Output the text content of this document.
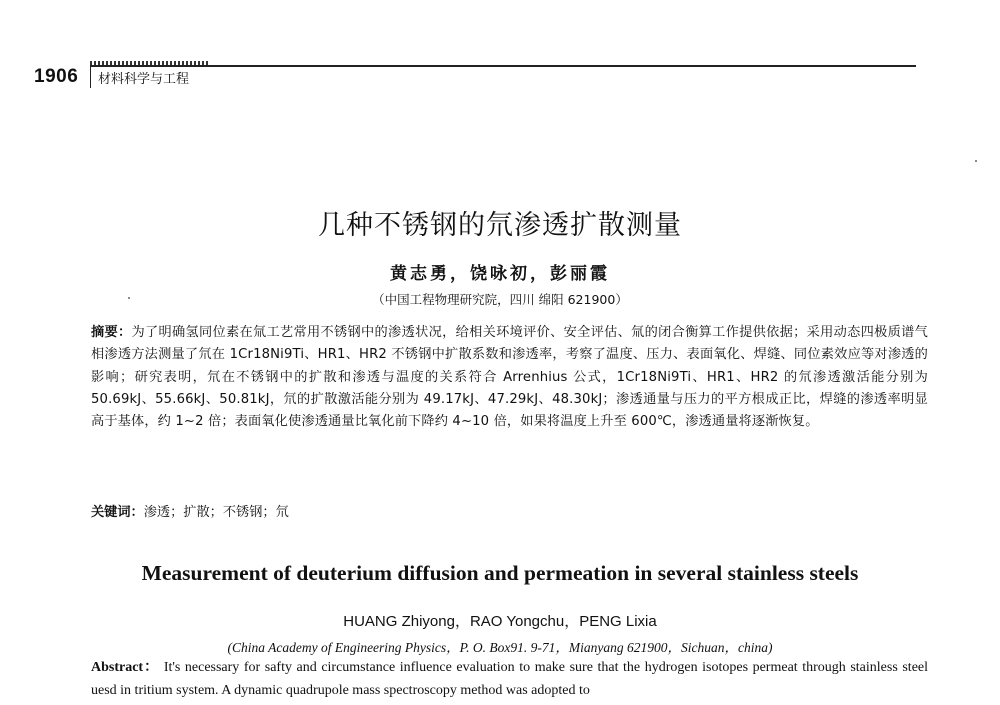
1906 材料科学与工程
几种不锈钢的氘渗透扩散测量
黄志勇，饶咏初，彭丽霞
（中国工程物理研究院，四川 绵阳 621900）
摘要：为了明确氢同位素在氚工艺常用不锈钢中的渗透状况，给相关环境评价、安全评估、氚的闭合衡算工作提供依据；采用动态四极质谱气相渗透方法测量了氘在 1Cr18Ni9Ti、HR1、HR2 不锈钢中扩散系数和渗透率，考察了温度、压力、表面氧化、焊缝、同位素效应等对渗透的影响；研究表明，氘在不锈钢中的扩散和渗透与温度的关系符合 Arrenhius 公式，1Cr18Ni9Ti、HR1、HR2 的氘渗透激活能分别为 50.69kJ、55.66kJ、50.81kJ，氘的扩散激活能分别为 49.17kJ、47.29kJ、48.30kJ；渗透通量与压力的平方根成正比，焊缝的渗透率明显高于基体，约 1~2 倍；表面氧化使渗透通量比氧化前下降约 4~10 倍，如果将温度上升至 600℃，渗透通量将逐渐恢复。
关键词：渗透；扩散；不锈钢；氘
Measurement of deuterium diffusion and permeation in several stainless steels
HUANG Zhiyong，RAO Yongchu，PENG Lixia
(China Academy of Engineering Physics，P. O. Box91. 9-71，Mianyang 621900，Sichuan，china)
Abstract： It's necessary for safty and circumstance influence evaluation to make sure that the hydrogen isotopes permeat through stainless steel uesd in tritium system. A dynamic quadrupole mass spectroscopy method was adopted to
